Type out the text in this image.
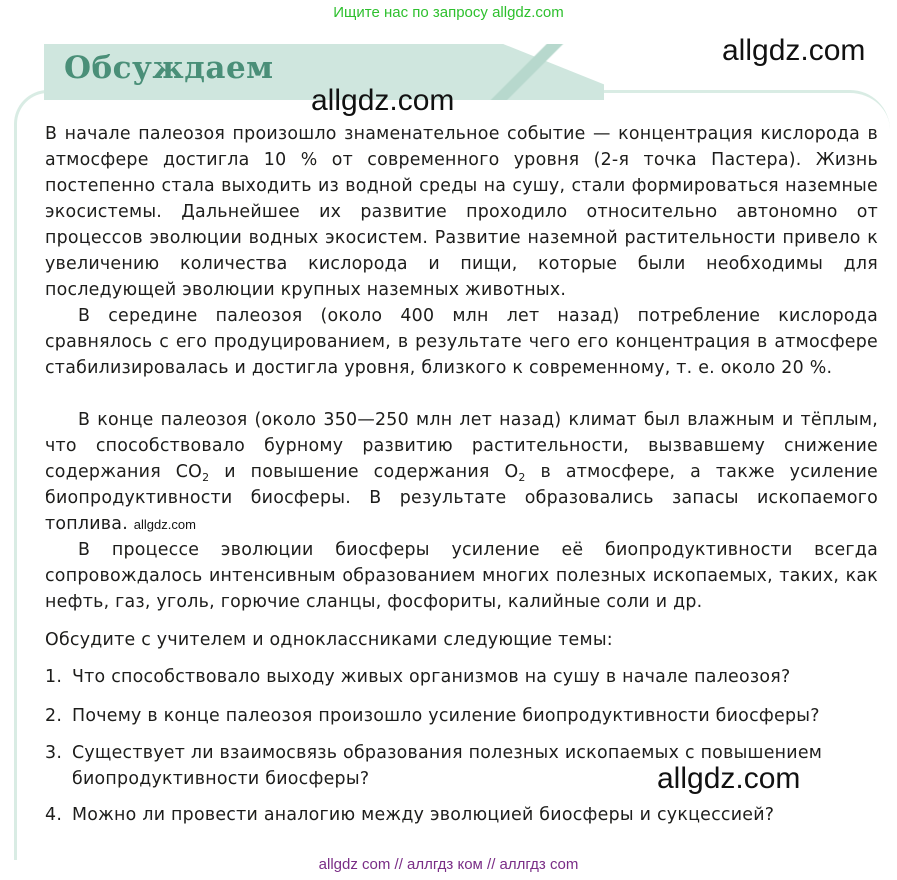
Ищите нас по запросу allgdz.com
Обсуждаем	allgdz.com
allgdz.com

В начале палеозоя произошло знаменательное событие — концентрация кислорода в атмосфере достигла 10 % от современного уровня (2-я точка Пастера). Жизнь постепенно стала выходить из водной среды на сушу, стали формироваться наземные экосистемы. Дальнейшее их развитие проходило относительно автономно от процессов эволюции водных экосистем. Развитие наземной растительности привело к увеличению количества кислорода и пищи, которые были необходимы для последующей эволюции крупных наземных животных.

В середине палеозоя (около 400 млн лет назад) потребление кислорода сравнялось с его продуцированием, в результате чего его концентрация в атмосфере стабилизировалась и достигла уровня, близкого к современному, т. е. около 20 %.

В конце палеозоя (около 350—250 млн лет назад) климат был влажным и тёплым, что способствовало бурному развитию растительности, вызвавшему снижение содержания $CO_2$ и повышение содержания $O_2$ в атмосфере, а также усиление биопродуктивности биосферы. В результате образовались запасы ископаемого топлива. allgdz.com

В процессе эволюции биосферы усиление её биопродуктивности всегда сопровождалось интенсивным образованием многих полезных ископаемых, таких, как нефть, газ, уголь, горючие сланцы, фосфориты, калийные соли и др.

Обсудите с учителем и одноклассниками следующие темы:

1. Что способствовало выходу живых организмов на сушу в начале палеозоя?
2. Почему в конце палеозоя произошло усиление биопродуктивности биосферы?
3. Существует ли взаимосвязь образования полезных ископаемых с повышением биопродуктивности биосферы?
4. Можно ли провести аналогию между эволюцией биосферы и сукцессией?
allgdz.com
allgdz com // аллгдз ком // аллгдз com
